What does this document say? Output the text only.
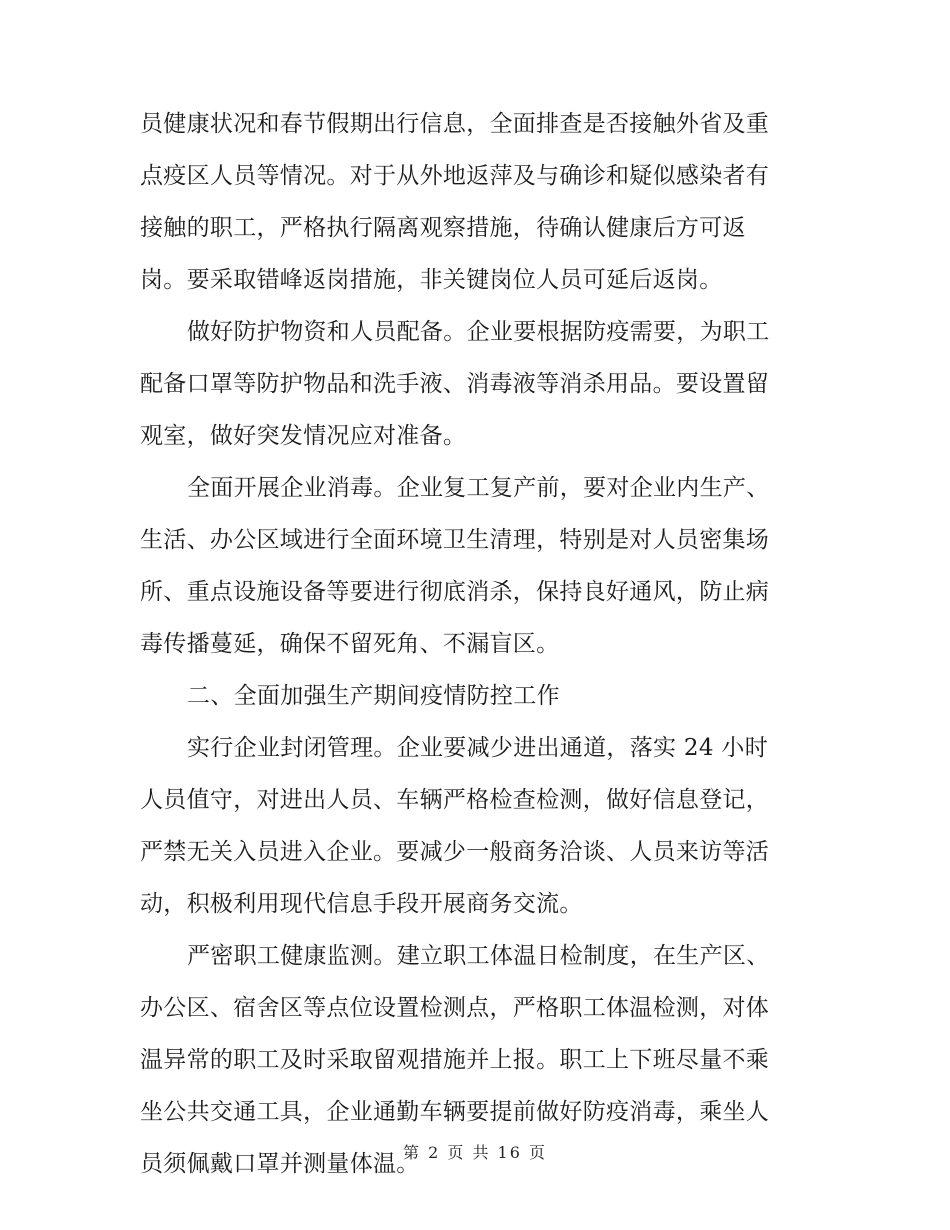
员健康状况和春节假期出行信息，全面排查是否接触外省及重
点疫区人员等情况。对于从外地返萍及与确诊和疑似感染者有
接触的职工，严格执行隔离观察措施，待确认健康后方可返
岗。要采取错峰返岗措施，非关键岗位人员可延后返岗。
做好防护物资和人员配备。企业要根据防疫需要，为职工
配备口罩等防护物品和洗手液、消毒液等消杀用品。要设置留
观室，做好突发情况应对准备。
全面开展企业消毒。企业复工复产前，要对企业内生产、
生活、办公区域进行全面环境卫生清理，特别是对人员密集场
所、重点设施设备等要进行彻底消杀，保持良好通风，防止病
毒传播蔓延，确保不留死角、不漏盲区。
二、全面加强生产期间疫情防控工作
实行企业封闭管理。企业要减少进出通道，落实 24 小时
人员值守，对进出人员、车辆严格检查检测，做好信息登记，
严禁无关入员进入企业。要减少一般商务洽谈、人员来访等活
动，积极利用现代信息手段开展商务交流。
严密职工健康监测。建立职工体温日检制度，在生产区、
办公区、宿舍区等点位设置检测点，严格职工体温检测，对体
温异常的职工及时采取留观措施并上报。职工上下班尽量不乘
坐公共交通工具，企业通勤车辆要提前做好防疫消毒，乘坐人
员须佩戴口罩并测量体温。
第 2 页 共 16 页
